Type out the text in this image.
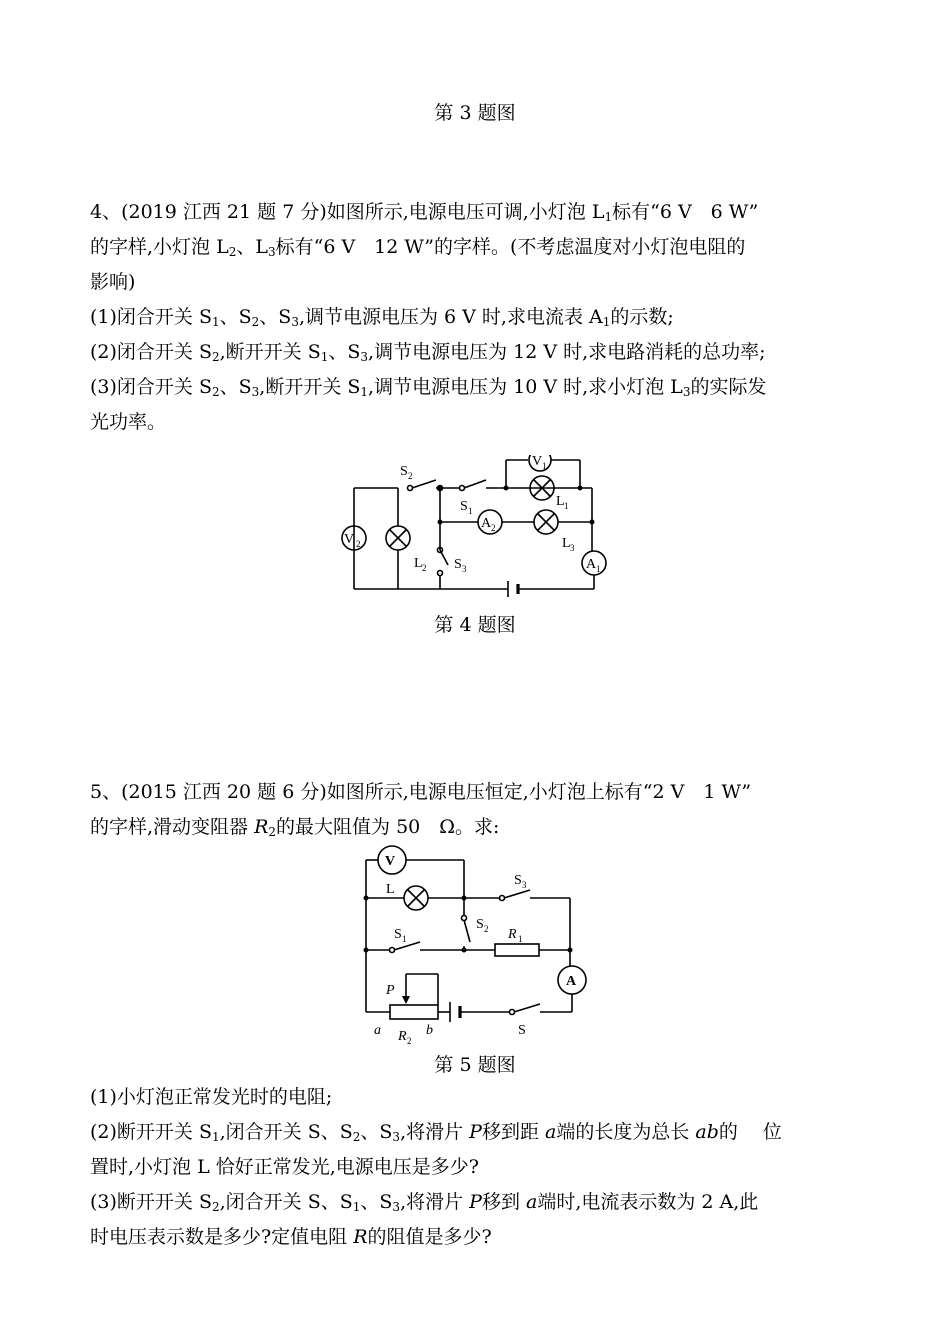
第 3 题图
4、(2019 江西 21 题 7 分)如图所示,电源电压可调,小灯泡 $L_1$标有“6 V　6 W”
的字样,小灯泡 $L_2$、$L_3$标有“6 V　12 W”的字样。(不考虑温度对小灯泡电阻的
影响)
(1)闭合开关 $S_1$、$S_2$、$S_3$,调节电源电压为 6 V 时,求电流表 $A_1$的示数;
(2)闭合开关 $S_2$,断开开关 $S_1$、$S_3$,调节电源电压为 12 V 时,求电路消耗的总功率;
(3)闭合开关 $S_2$、$S_3$,断开开关 $S_1$,调节电源电压为 10 V 时,求小灯泡 $L_3$的实际发
光功率。
V 2
L 2
S 2
S 1
S 3
A 2
L 3
L 1
V 1
A 1
第 4 题图
5、(2015 江西 20 题 6 分)如图所示,电源电压恒定,小灯泡上标有“2 V　1 W”
的字样,滑动变阻器 $R_2$的最大阻值为 50　Ω。求:
V
L
S 3
S 2
S 1	R 1
A
P
S
a	b
R 2
第 5 题图
(1)小灯泡正常发光时的电阻;
(2)断开开关 $S_1$,闭合开关 S、$S_2$、$S_3$,将滑片 P移到距 a端的长度为总长 ab的　 位
置时,小灯泡 L 恰好正常发光,电源电压是多少?
(3)断开开关 $S_2$,闭合开关 S、$S_1$、$S_3$,将滑片 P移到 a端时,电流表示数为 2 A,此
时电压表示数是多少?定值电阻 R的阻值是多少?
